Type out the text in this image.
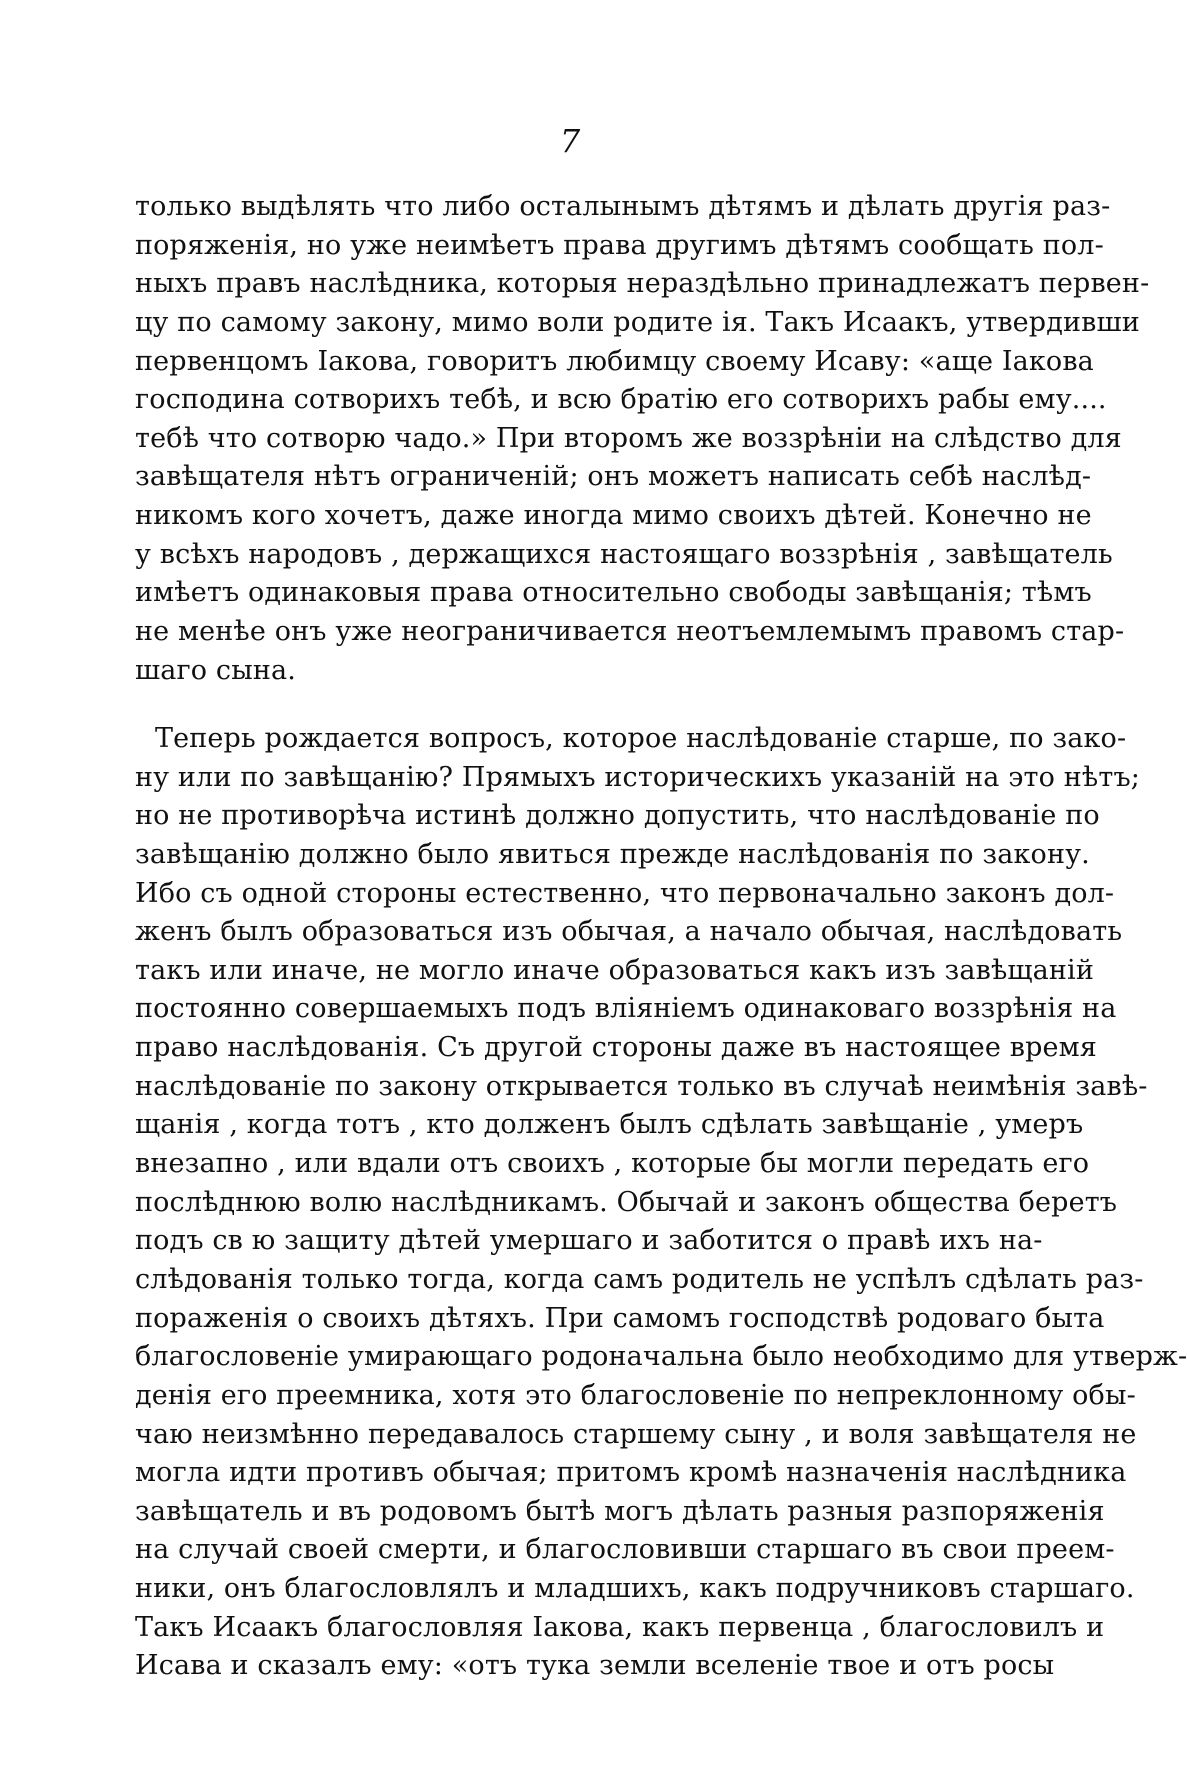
7
только выдѣлять что либо осталынымъ дѣтямъ и дѣлать другія раз-
поряженія, но уже неимѣетъ права другимъ дѣтямъ сообщать пол-
ныхъ правъ наслѣдника, которыя нераздѣльно принадлежатъ первен-
цу по самому закону, мимо воли родите ія. Такъ Исаакъ, утвердивши
первенцомъ Іакова, говоритъ любимцу своему Исаву: «аще Іакова
господина сотворихъ тебѣ, и всю братію его сотворихъ рабы ему....
тебѣ что сотворю чадо.» При второмъ же воззрѣніи на слѣдство для
завѣщателя нѣтъ ограниченій; онъ можетъ написать себѣ наслѣд-
никомъ кого хочетъ, даже иногда мимо своихъ дѣтей. Конечно не
у всѣхъ народовъ , держащихся настоящаго воззрѣнія , завѣщатель
имѣетъ одинаковыя права относительно свободы завѣщанія; тѣмъ
не менѣе онъ уже неограничивается неотъемлемымъ правомъ стар-
шаго сына.
Теперь рождается вопросъ, которое наслѣдованіе старше, по зако-
ну или по завѣщанію? Прямыхъ историческихъ указаній на это нѣтъ;
но не противорѣча истинѣ должно допустить, что наслѣдованіе по
завѣщанію должно было явиться прежде наслѣдованія по закону.
Ибо съ одной стороны естественно, что первоначально законъ дол-
женъ былъ образоваться изъ обычая, а начало обычая, наслѣдовать
такъ или иначе, не могло иначе образоваться какъ изъ завѣщаній
постоянно совершаемыхъ подъ вліяніемъ одинаковаго воззрѣнія на
право наслѣдованія. Съ другой стороны даже въ настоящее время
наслѣдованіе по закону открывается только въ случаѣ неимѣнія завѣ-
щанія , когда тотъ , кто долженъ былъ сдѣлать завѣщаніе , умеръ
внезапно , или вдали отъ своихъ , которые бы могли передать его
послѣднюю волю наслѣдникамъ. Обычай и законъ общества беретъ
подъ св ю защиту дѣтей умершаго и заботится о правѣ ихъ на-
слѣдованія только тогда, когда самъ родитель не успѣлъ сдѣлать раз-
пораженія о своихъ дѣтяхъ. При самомъ господствѣ родоваго быта
благословеніе умирающаго родоначальна было необходимо для утверж-
денія его преемника, хотя это благословеніе по непреклонному обы-
чаю неизмѣнно передавалось старшему сыну , и воля завѣщателя не
могла идти противъ обычая; притомъ кромѣ назначенія наслѣдника
завѣщатель и въ родовомъ бытѣ могъ дѣлать разныя разпоряженія
на случай своей смерти, и благословивши старшаго въ свои преем-
ники, онъ благословлялъ и младшихъ, какъ подручниковъ старшаго.
Такъ Исаакъ благословляя Іакова, какъ первенца , благословилъ и
Исава и сказалъ ему: «отъ тука земли вселеніе твое и отъ росы
